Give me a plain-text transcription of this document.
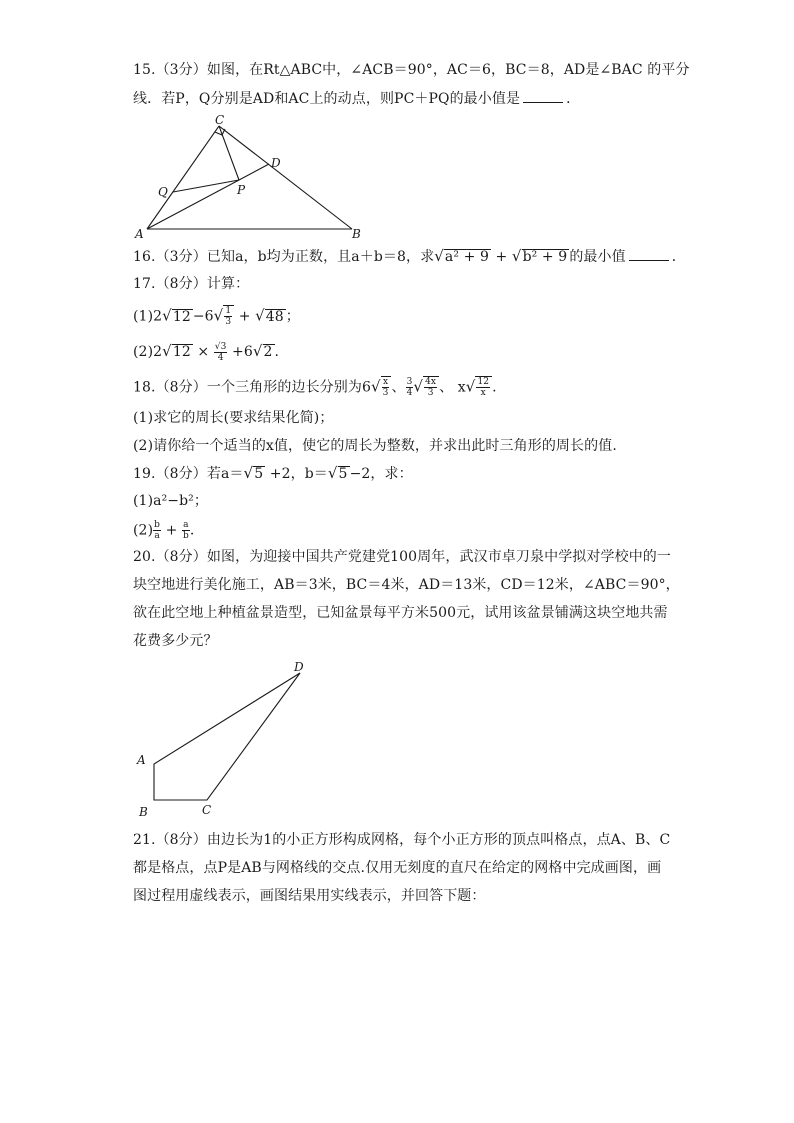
15.（3分）如图，在Rt△ABC中，∠ACB＝90°，AC＝6，BC＝8，AD是∠BAC 的平分
线．若P，Q分别是AD和AC上的动点，则PC＋PQ的最小值是	．
C
D
Q	P
A	B
16.（3分）已知a，b均为正数，且a＋b＝8，求√a² + 9 + √b² + 9 的最小值	．
17.（8分）计算：
$(1)2√12 -6√ \frac{1}{3} + √48$ ；
$(2)2√12 \times \frac{√3}{4} +6√2$ .
18.（8分）一个三角形的边长分别为$6√ \frac{x}{3}$ 、 $\frac{3}{4}$ √ $\frac{4x}{3}$ 、 $x√ \frac{12}{x}$ .
(1)求它的周长(要求结果化简)；
(2)请你给一个适当的x值，使它的周长为整数，并求出此时三角形的周长的值.
19.（8分）若a＝√5 +2，b＝√5 −2，求：
(1)a²−b²；
$(2) \frac{b}{a} + \frac{a}{b}$ .
20.（8分）如图，为迎接中国共产党建党100周年，武汉市卓刀泉中学拟对学校中的一
块空地进行美化施工，AB＝3米，BC＝4米，AD＝13米，CD＝12米，∠ABC＝90°，
欲在此空地上种植盆景造型，已知盆景每平方米500元，试用该盆景铺满这块空地共需
花费多少元？
D
A
B	C
21.（8分）由边长为1的小正方形构成网格，每个小正方形的顶点叫格点，点A、B、C
都是格点，点P是AB与网格线的交点.仅用无刻度的直尺在给定的网格中完成画图，画
图过程用虚线表示，画图结果用实线表示，并回答下题：
